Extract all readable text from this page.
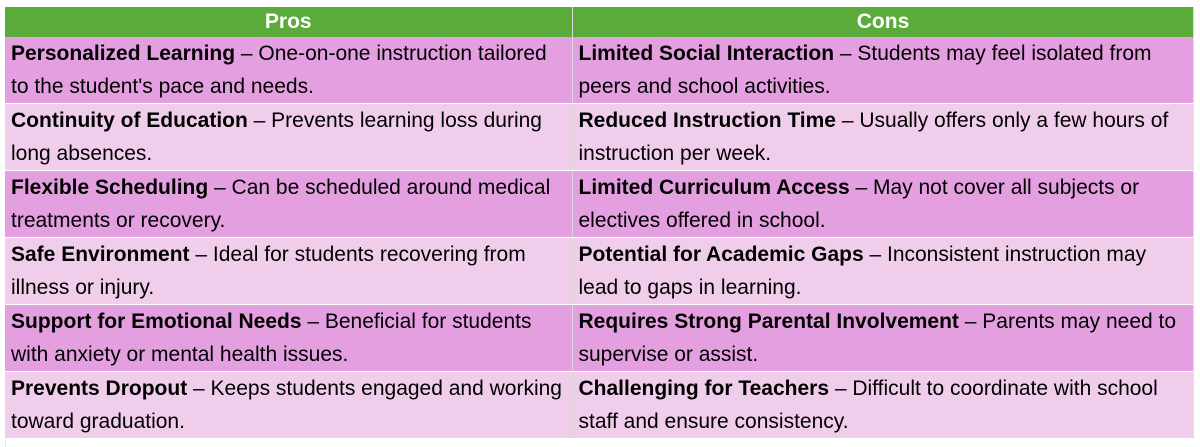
Pros	Cons
Personalized Learning – One-on-one instruction tailored to the student's pace and needs.	Limited Social Interaction – Students may feel isolated from peers and school activities.
Continuity of Education – Prevents learning loss during long absences.	Reduced Instruction Time – Usually offers only a few hours of instruction per week.
Flexible Scheduling – Can be scheduled around medical treatments or recovery.	Limited Curriculum Access – May not cover all subjects or electives offered in school.
Safe Environment – Ideal for students recovering from illness or injury.	Potential for Academic Gaps – Inconsistent instruction may lead to gaps in learning.
Support for Emotional Needs – Beneficial for students with anxiety or mental health issues.	Requires Strong Parental Involvement – Parents may need to supervise or assist.
Prevents Dropout – Keeps students engaged and working toward graduation.	Challenging for Teachers – Difficult to coordinate with school staff and ensure consistency.
